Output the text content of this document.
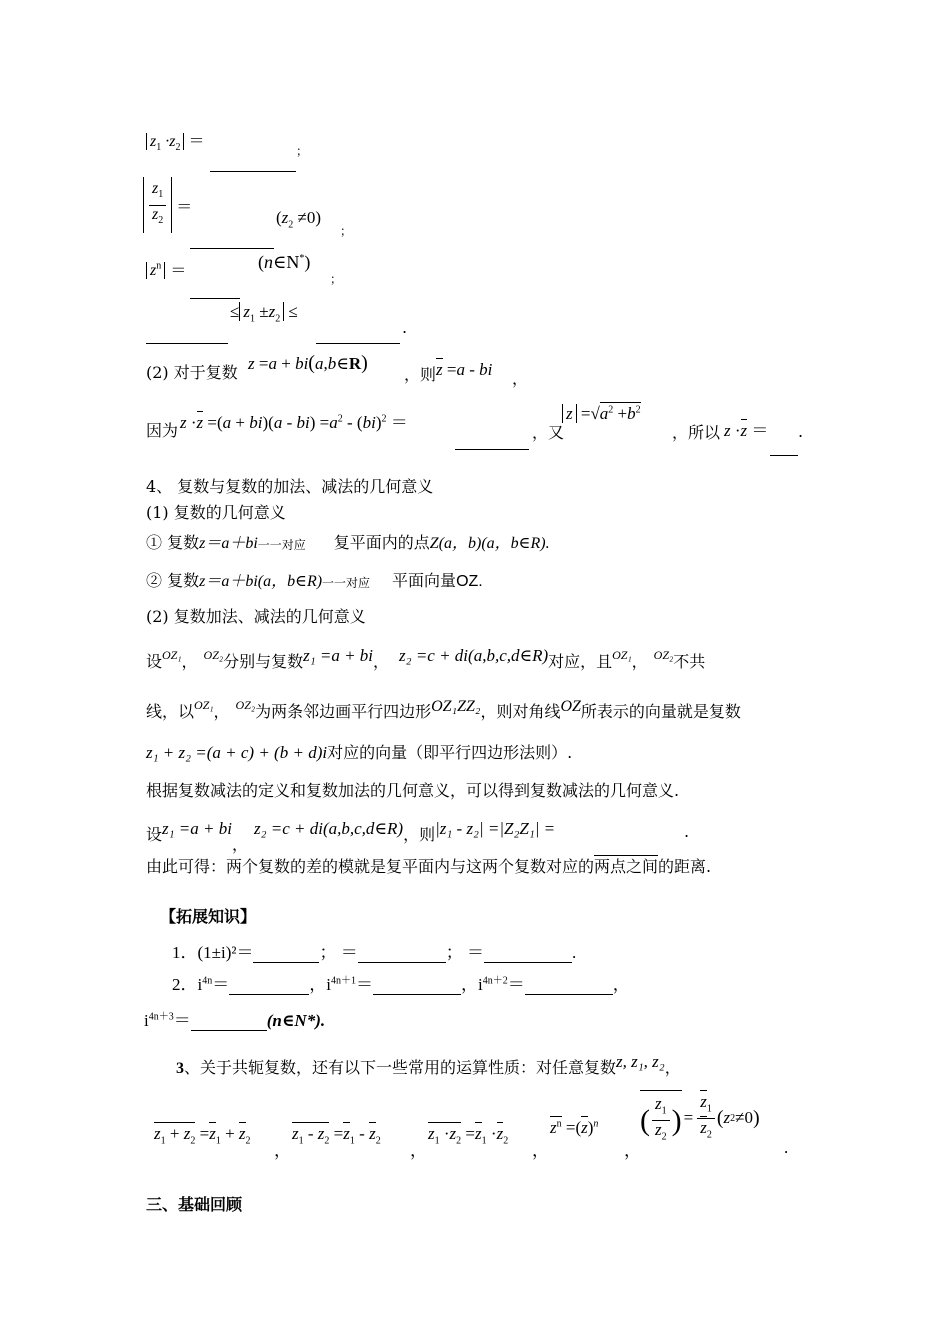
$z_1 \cdot z_2$ ＝
；
$\frac{z_1}{z_2}$ ＝
$(z_2 \ne 0)$
；
$z^n$ ＝	(n∈N*)
；
≤ $z_1 \pm z_2$ ≤
.
(2) 对于复数 z =a + bi(a,b∈R)
，则 z =a - bi ，
因为 $z \cdot z =(a + bi)(a - bi) =a^2 - (bi)^2$ ＝
，又
$z =√a^2 +b^2$
，所以 z ·z ＝ .
4、 复数与复数的加法、减法的几何意义
(1) 复数的几何意义
① 复数z＝a＋bi 一一对应 复平面内的点Z(a，b)(a，b∈R).
② 复数z＝a＋bi(a，b∈R) 一一对应 平面向量OZ.
(2) 复数加法、减法的几何意义
设$^{OZ_1}$， $^{OZ_2}$分别与复数z₁ =a + bi， z₂ =c + di(a,b,c,d∈R)对应，且$^{OZ_1}$， $^{OZ_2}$不共
线，以$^{OZ_1}$， $^{OZ_2}$为两条邻边画平行四边形OZ₁ZZ₂，则对角线OZ所表示的向量就是复数
z₁ + z₂ =(a + c) + (b + d)i对应的向量（即平行四边形法则）.
根据复数减法的定义和复数加法的几何意义，可以得到复数减法的几何意义.
设z₁ =a + bi，z₂ =c + di(a,b,c,d∈R)，则|z₁ - z₂| =|Z₂Z₁| =	.
由此可得：两个复数的差的模就是复平面内与这两个复数对应的两点之间的距离.
【拓展知识】
1．(1±i)²＝	； ＝	； ＝	.
2．$i^{4n}=$	，$i^{4n+1}=$	，$i^{4n+2}=$	，
$i^{4n+3}=$	(n∈N*).
3、关于共轭复数，还有以下一些常用的运算性质：对任意复数z, z₁, z₂，
$z_1 + z_2 =z_1 + z_2$
，
$z_1 - z_2 =z_1 - z_2$
，
$z_1 \cdot z_2 =z_1 \cdot z_2$
，
$z^n =(z)^n$
，
( $\frac{z_1}{z_2}$ ) = $\frac{z_1}{z_2}$ ( z 2 ≠0 )
.
三、基础回顾
